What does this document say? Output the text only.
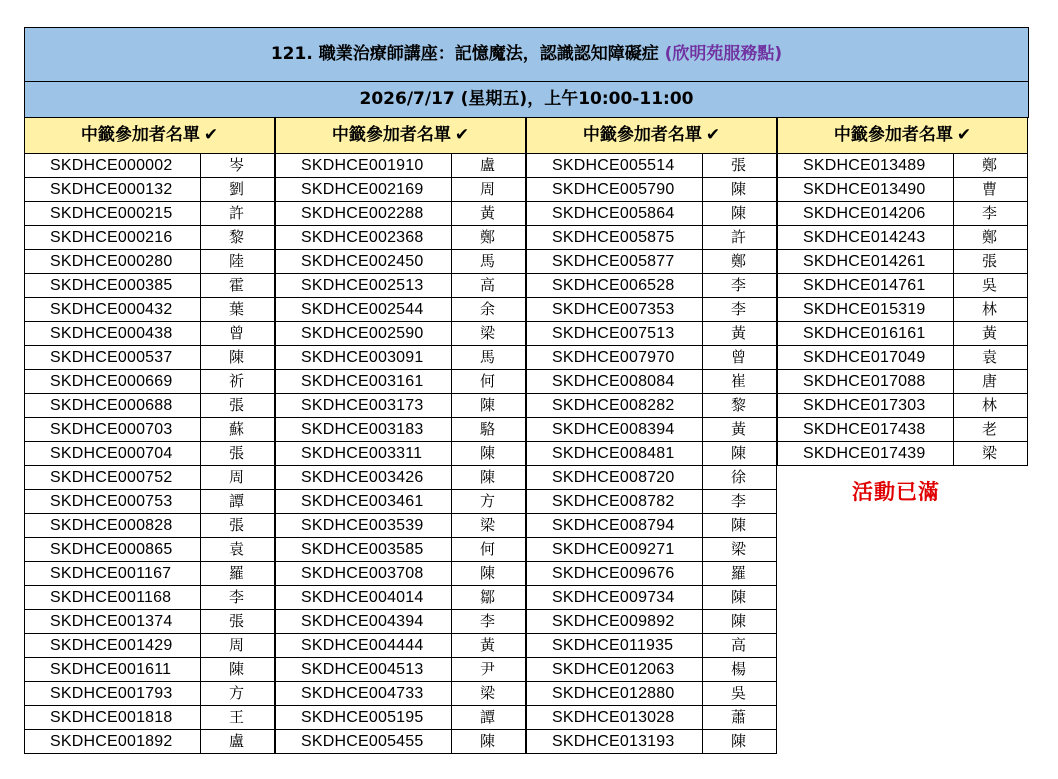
121. 職業治療師講座：記憶魔法，認識認知障礙症 (欣明苑服務點)
2026/7/17 (星期五)，上午10:00-11:00
中籤參加者名單 ✔
SKDHCE000002	岑
SKDHCE000132	劉
SKDHCE000215	許
SKDHCE000216	黎
SKDHCE000280	陸
SKDHCE000385	霍
SKDHCE000432	葉
SKDHCE000438	曾
SKDHCE000537	陳
SKDHCE000669	祈
SKDHCE000688	張
SKDHCE000703	蘇
SKDHCE000704	張
SKDHCE000752	周
SKDHCE000753	譚
SKDHCE000828	張
SKDHCE000865	袁
SKDHCE001167	羅
SKDHCE001168	李
SKDHCE001374	張
SKDHCE001429	周
SKDHCE001611	陳
SKDHCE001793	方
SKDHCE001818	王
SKDHCE001892	盧
中籤參加者名單 ✔
SKDHCE001910	盧
SKDHCE002169	周
SKDHCE002288	黃
SKDHCE002368	鄭
SKDHCE002450	馬
SKDHCE002513	高
SKDHCE002544	余
SKDHCE002590	梁
SKDHCE003091	馬
SKDHCE003161	何
SKDHCE003173	陳
SKDHCE003183	駱
SKDHCE003311	陳
SKDHCE003426	陳
SKDHCE003461	方
SKDHCE003539	梁
SKDHCE003585	何
SKDHCE003708	陳
SKDHCE004014	鄒
SKDHCE004394	李
SKDHCE004444	黃
SKDHCE004513	尹
SKDHCE004733	梁
SKDHCE005195	譚
SKDHCE005455	陳
中籤參加者名單 ✔
SKDHCE005514	張
SKDHCE005790	陳
SKDHCE005864	陳
SKDHCE005875	許
SKDHCE005877	鄭
SKDHCE006528	李
SKDHCE007353	李
SKDHCE007513	黃
SKDHCE007970	曾
SKDHCE008084	崔
SKDHCE008282	黎
SKDHCE008394	黃
SKDHCE008481	陳
SKDHCE008720	徐
SKDHCE008782	李
SKDHCE008794	陳
SKDHCE009271	梁
SKDHCE009676	羅
SKDHCE009734	陳
SKDHCE009892	陳
SKDHCE011935	高
SKDHCE012063	楊
SKDHCE012880	吳
SKDHCE013028	蕭
SKDHCE013193	陳
中籤參加者名單 ✔
SKDHCE013489	鄭
SKDHCE013490	曹
SKDHCE014206	李
SKDHCE014243	鄭
SKDHCE014261	張
SKDHCE014761	吳
SKDHCE015319	林
SKDHCE016161	黃
SKDHCE017049	袁
SKDHCE017088	唐
SKDHCE017303	林
SKDHCE017438	老
SKDHCE017439	梁
活動已滿
